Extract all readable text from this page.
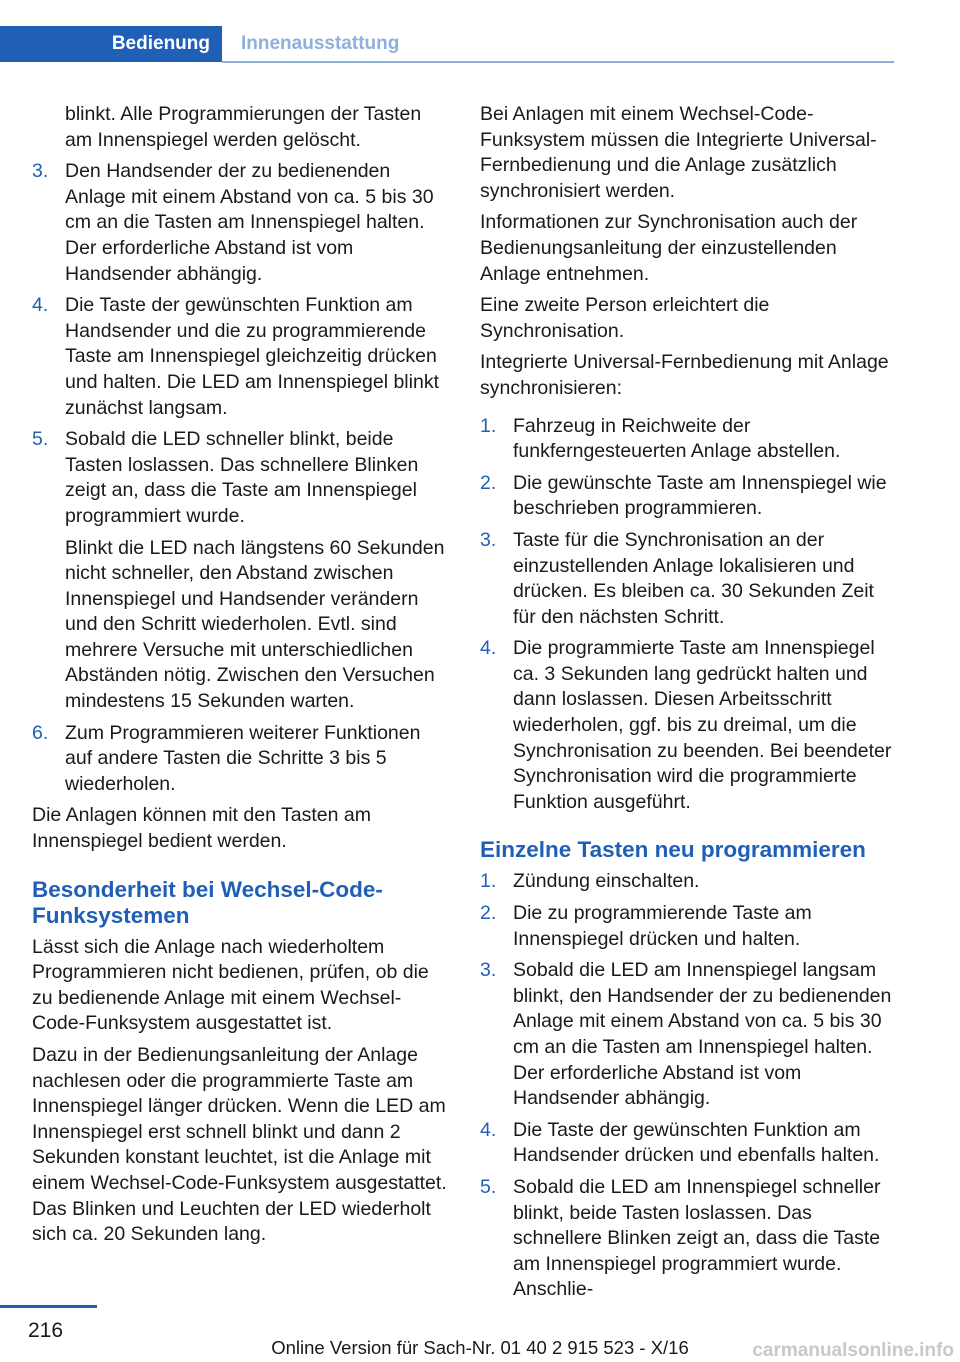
Bedienung	Innenausstattung
blinkt. Alle Programmierungen der Tasten am Innenspiegel werden gelöscht.
3. Den Handsender der zu bedienenden Anlage mit einem Abstand von ca. 5 bis 30 cm an die Tasten am Innenspiegel halten. Der erforderliche Abstand ist vom Handsender abhängig.

4. Die Taste der gewünschten Funktion am Handsender und die zu programmierende Taste am Innenspiegel gleichzeitig drücken und halten. Die LED am Innenspiegel blinkt zunächst langsam.

5. Sobald die LED schneller blinkt, beide Tasten loslassen. Das schnellere Blinken zeigt an, dass die Taste am Innenspiegel programmiert wurde.

Blinkt die LED nach längstens 60 Sekunden nicht schneller, den Abstand zwischen Innenspiegel und Handsender verändern und den Schritt wiederholen. Evtl. sind mehrere Versuche mit unterschiedlichen Abständen nötig. Zwischen den Versuchen mindestens 15 Sekunden warten.

6. Zum Programmieren weiterer Funktionen auf andere Tasten die Schritte 3 bis 5 wiederholen.

Die Anlagen können mit den Tasten am Innenspiegel bedient werden.

Besonderheit bei Wechsel-Code-Funksystemen

Lässt sich die Anlage nach wiederholtem Programmieren nicht bedienen, prüfen, ob die zu bedienende Anlage mit einem Wechsel-Code-Funksystem ausgestattet ist.

Dazu in der Bedienungsanleitung der Anlage nachlesen oder die programmierte Taste am Innenspiegel länger drücken. Wenn die LED am Innenspiegel erst schnell blinkt und dann 2 Sekunden konstant leuchtet, ist die Anlage mit einem Wechsel-Code-Funksystem ausgestattet. Das Blinken und Leuchten der LED wiederholt sich ca. 20 Sekunden lang.

Bei Anlagen mit einem Wechsel-Code-Funksystem müssen die Integrierte Universal-Fernbedienung und die Anlage zusätzlich synchronisiert werden.

Informationen zur Synchronisation auch der Bedienungsanleitung der einzustellenden Anlage entnehmen.

Eine zweite Person erleichtert die Synchronisation.

Integrierte Universal-Fernbedienung mit Anlage synchronisieren:

1. Fahrzeug in Reichweite der funkferngesteuerten Anlage abstellen.

2. Die gewünschte Taste am Innenspiegel wie beschrieben programmieren.

3. Taste für die Synchronisation an der einzustellenden Anlage lokalisieren und drücken. Es bleiben ca. 30 Sekunden Zeit für den nächsten Schritt.

4. Die programmierte Taste am Innenspiegel ca. 3 Sekunden lang gedrückt halten und dann loslassen. Diesen Arbeitsschritt wiederholen, ggf. bis zu dreimal, um die Synchronisation zu beenden. Bei beendeter Synchronisation wird die programmierte Funktion ausgeführt.

Einzelne Tasten neu programmieren
1. Zündung einschalten.

2. Die zu programmierende Taste am Innenspiegel drücken und halten.

3. Sobald die LED am Innenspiegel langsam blinkt, den Handsender der zu bedienenden Anlage mit einem Abstand von ca. 5 bis 30 cm an die Tasten am Innenspiegel halten. Der erforderliche Abstand ist vom Handsender abhängig.

4. Die Taste der gewünschten Funktion am Handsender drücken und ebenfalls halten.

5. Sobald die LED am Innenspiegel schneller blinkt, beide Tasten loslassen. Das schnellere Blinken zeigt an, dass die Taste am Innenspiegel programmiert wurde. Anschlie-

216
Online Version für Sach-Nr. 01 40 2 915 523 - X/16	carmanualsonline.info
